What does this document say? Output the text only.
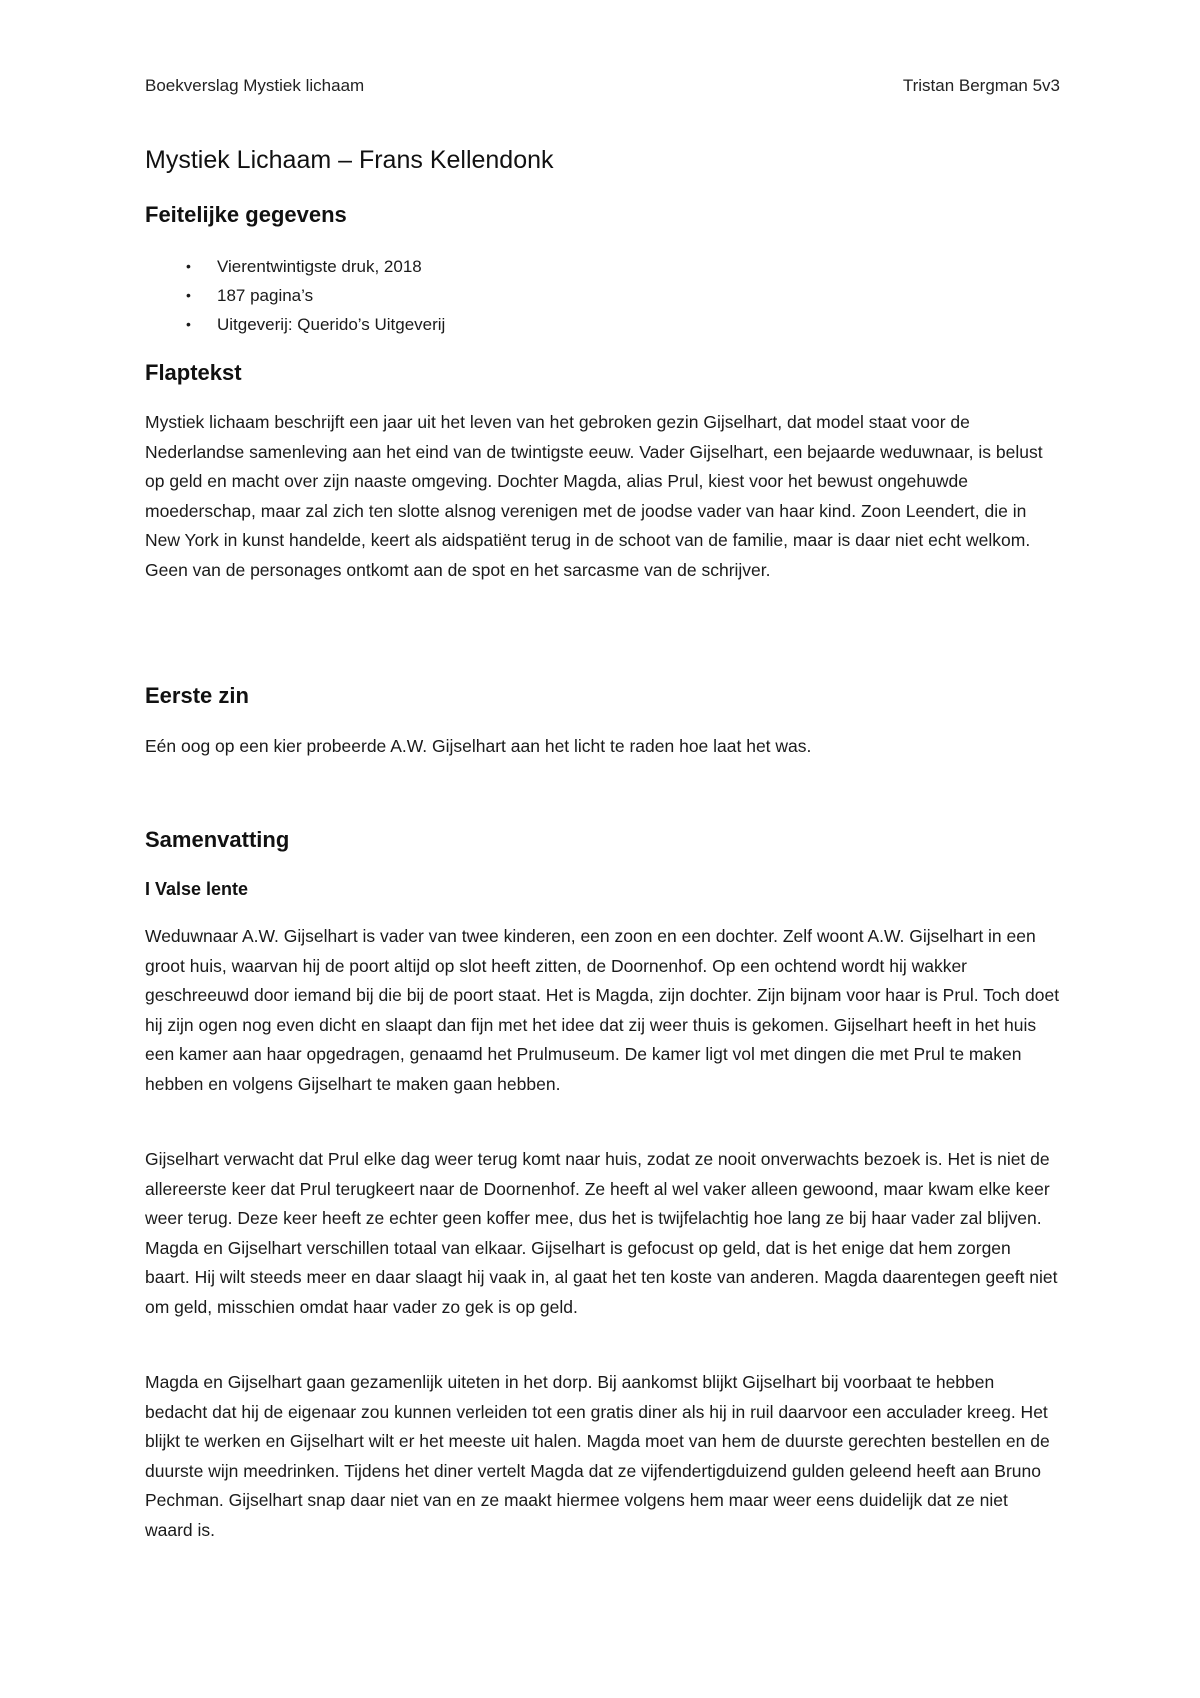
Boekverslag Mystiek lichaam	Tristan Bergman 5v3
Mystiek Lichaam – Frans Kellendonk
Feitelijke gegevens
• Vierentwintigste druk, 2018
• 187 pagina’s
• Uitgeverij: Querido’s Uitgeverij
Flaptekst

Mystiek lichaam beschrijft een jaar uit het leven van het gebroken gezin Gijselhart, dat model staat voor de Nederlandse samenleving aan het eind van de twintigste eeuw. Vader Gijselhart, een bejaarde weduwnaar, is belust op geld en macht over zijn naaste omgeving. Dochter Magda, alias Prul, kiest voor het bewust ongehuwde moederschap, maar zal zich ten slotte alsnog verenigen met de joodse vader van haar kind. Zoon Leendert, die in New York in kunst handelde, keert als aidspatiënt terug in de schoot van de familie, maar is daar niet echt welkom. Geen van de personages ontkomt aan de spot en het sarcasme van de schrijver.

Eerste zin

Eén oog op een kier probeerde A.W. Gijselhart aan het licht te raden hoe laat het was.

Samenvatting
I Valse lente

Weduwnaar A.W. Gijselhart is vader van twee kinderen, een zoon en een dochter. Zelf woont A.W. Gijselhart in een groot huis, waarvan hij de poort altijd op slot heeft zitten, de Doornenhof. Op een ochtend wordt hij wakker geschreeuwd door iemand bij die bij de poort staat. Het is Magda, zijn dochter. Zijn bijnam voor haar is Prul. Toch doet hij zijn ogen nog even dicht en slaapt dan fijn met het idee dat zij weer thuis is gekomen. Gijselhart heeft in het huis een kamer aan haar opgedragen, genaamd het Prulmuseum. De kamer ligt vol met dingen die met Prul te maken hebben en volgens Gijselhart te maken gaan hebben.

Gijselhart verwacht dat Prul elke dag weer terug komt naar huis, zodat ze nooit onverwachts bezoek is. Het is niet de allereerste keer dat Prul terugkeert naar de Doornenhof. Ze heeft al wel vaker alleen gewoond, maar kwam elke keer weer terug. Deze keer heeft ze echter geen koffer mee, dus het is twijfelachtig hoe lang ze bij haar vader zal blijven. Magda en Gijselhart verschillen totaal van elkaar. Gijselhart is gefocust op geld, dat is het enige dat hem zorgen baart. Hij wilt steeds meer en daar slaagt hij vaak in, al gaat het ten koste van anderen. Magda daarentegen geeft niet om geld, misschien omdat haar vader zo gek is op geld.

Magda en Gijselhart gaan gezamenlijk uiteten in het dorp. Bij aankomst blijkt Gijselhart bij voorbaat te hebben bedacht dat hij de eigenaar zou kunnen verleiden tot een gratis diner als hij in ruil daarvoor een acculader kreeg. Het blijkt te werken en Gijselhart wilt er het meeste uit halen. Magda moet van hem de duurste gerechten bestellen en de duurste wijn meedrinken. Tijdens het diner vertelt Magda dat ze vijfendertigduizend gulden geleend heeft aan Bruno Pechman. Gijselhart snap daar niet van en ze maakt hiermee volgens hem maar weer eens duidelijk dat ze niet waard is.
